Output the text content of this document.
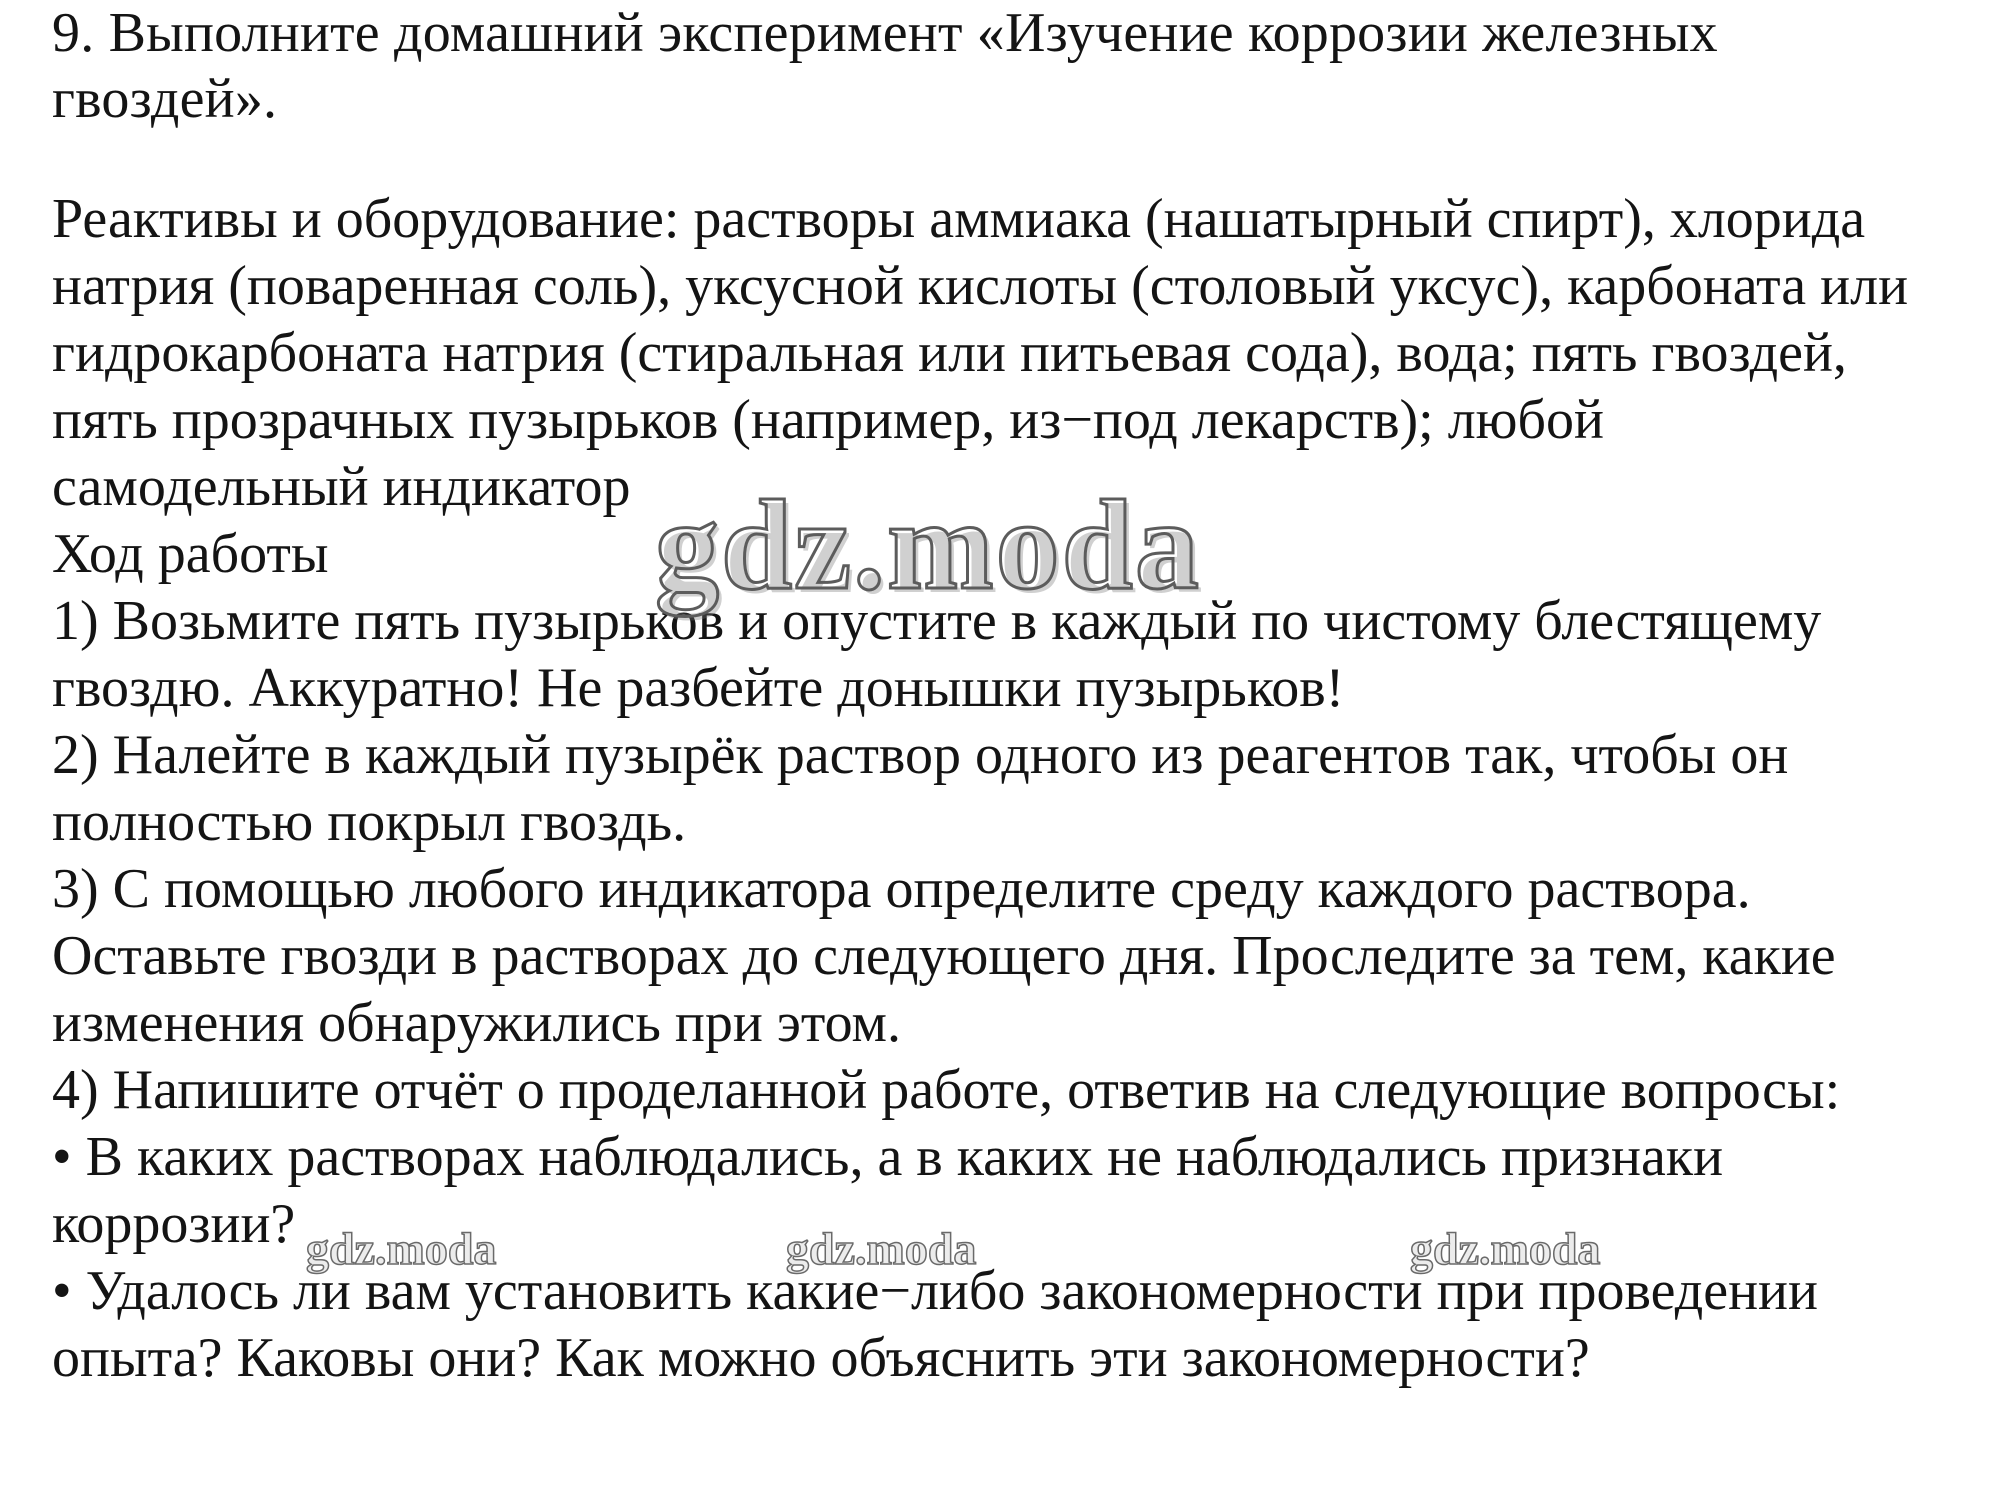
9. Выполните домашний эксперимент «Изучение коррозии железных
гвоздей».

Реактивы и оборудование: растворы аммиака (нашатырный спирт), хлорида

натрия (поваренная соль), уксусной кислоты (столовый уксус), карбоната или

гидрокарбоната натрия (стиральная или питьевая сода), вода; пять гвоздей,

пять прозрачных пузырьков (например, из−под лекарств); любой

самодельный индикатор

Ход работы

1) Возьмите пять пузырьков и опустите в каждый по чистому блестящему

гвоздю. Аккуратно! Не разбейте донышки пузырьков!

2) Налейте в каждый пузырёк раствор одного из реагентов так, чтобы он

полностью покрыл гвоздь.

3) С помощью любого индикатора определите среду каждого раствора.

Оставьте гвозди в растворах до следующего дня. Проследите за тем, какие

изменения обнаружились при этом.

4) Напишите отчёт о проделанной работе, ответив на следующие вопросы:

• В каких растворах наблюдались, а в каких не наблюдались признаки

коррозии?

• Удалось ли вам установить какие−либо закономерности при проведении

опыта? Каковы они? Как можно объяснить эти закономерности?

gdz.moda
gdz.moda	gdz.moda	gdz.moda
